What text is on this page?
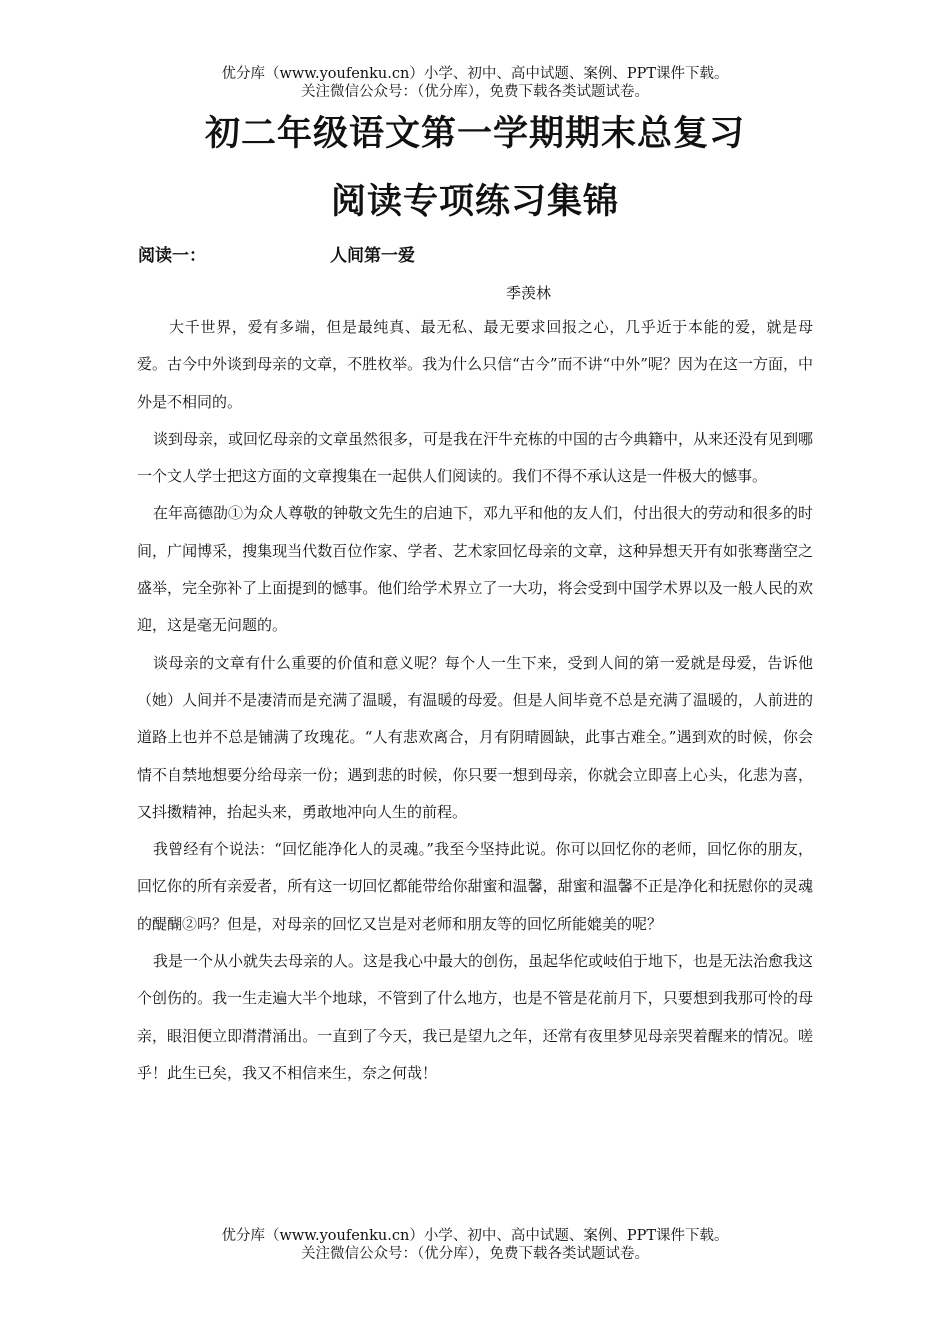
优分库（www.youfenku.cn）小学、初中、高中试题、案例、PPT课件下载。
关注微信公众号：（优分库），免费下载各类试题试卷。
初二年级语文第一学期期末总复习
阅读专项练习集锦
阅读一：	人间第一爱
季羡林

大千世界，爱有多端，但是最纯真、最无私、最无要求回报之心，几乎近于本能的爱，就是母爱。古今中外谈到母亲的文章，不胜枚举。我为什么只信“古今”而不讲“中外”呢？因为在这一方面，中外是不相同的。

谈到母亲，或回忆母亲的文章虽然很多，可是我在汗牛充栋的中国的古今典籍中，从来还没有见到哪一个文人学士把这方面的文章搜集在一起供人们阅读的。我们不得不承认这是一件极大的憾事。

在年高德劭①为众人尊敬的钟敬文先生的启迪下，邓九平和他的友人们，付出很大的劳动和很多的时间，广闻博采，搜集现当代数百位作家、学者、艺术家回忆母亲的文章，这种异想天开有如张骞凿空之盛举，完全弥补了上面提到的憾事。他们给学术界立了一大功，将会受到中国学术界以及一般人民的欢迎，这是毫无问题的。

谈母亲的文章有什么重要的价值和意义呢？每个人一生下来，受到人间的第一爱就是母爱，告诉他（她）人间并不是凄清而是充满了温暖，有温暖的母爱。但是人间毕竟不总是充满了温暖的，人前进的道路上也并不总是铺满了玫瑰花。“人有悲欢离合，月有阴晴圆缺，此事古难全。”遇到欢的时候，你会情不自禁地想要分给母亲一份；遇到悲的时候，你只要一想到母亲，你就会立即喜上心头，化悲为喜，又抖擞精神，抬起头来，勇敢地冲向人生的前程。

我曾经有个说法：“回忆能净化人的灵魂。”我至今坚持此说。你可以回忆你的老师，回忆你的朋友，回忆你的所有亲爱者，所有这一切回忆都能带给你甜蜜和温馨，甜蜜和温馨不正是净化和抚慰你的灵魂的醍醐②吗？但是，对母亲的回忆又岂是对老师和朋友等的回忆所能媲美的呢？

我是一个从小就失去母亲的人。这是我心中最大的创伤，虽起华佗或岐伯于地下，也是无法治愈我这个创伤的。我一生走遍大半个地球，不管到了什么地方，也是不管是花前月下，只要想到我那可怜的母亲，眼泪便立即潸潸涌出。一直到了今天，我已是望九之年，还常有夜里梦见母亲哭着醒来的情况。嗟乎！此生已矣，我又不相信来生，奈之何哉！

优分库（www.youfenku.cn）小学、初中、高中试题、案例、PPT课件下载。
关注微信公众号：（优分库），免费下载各类试题试卷。
